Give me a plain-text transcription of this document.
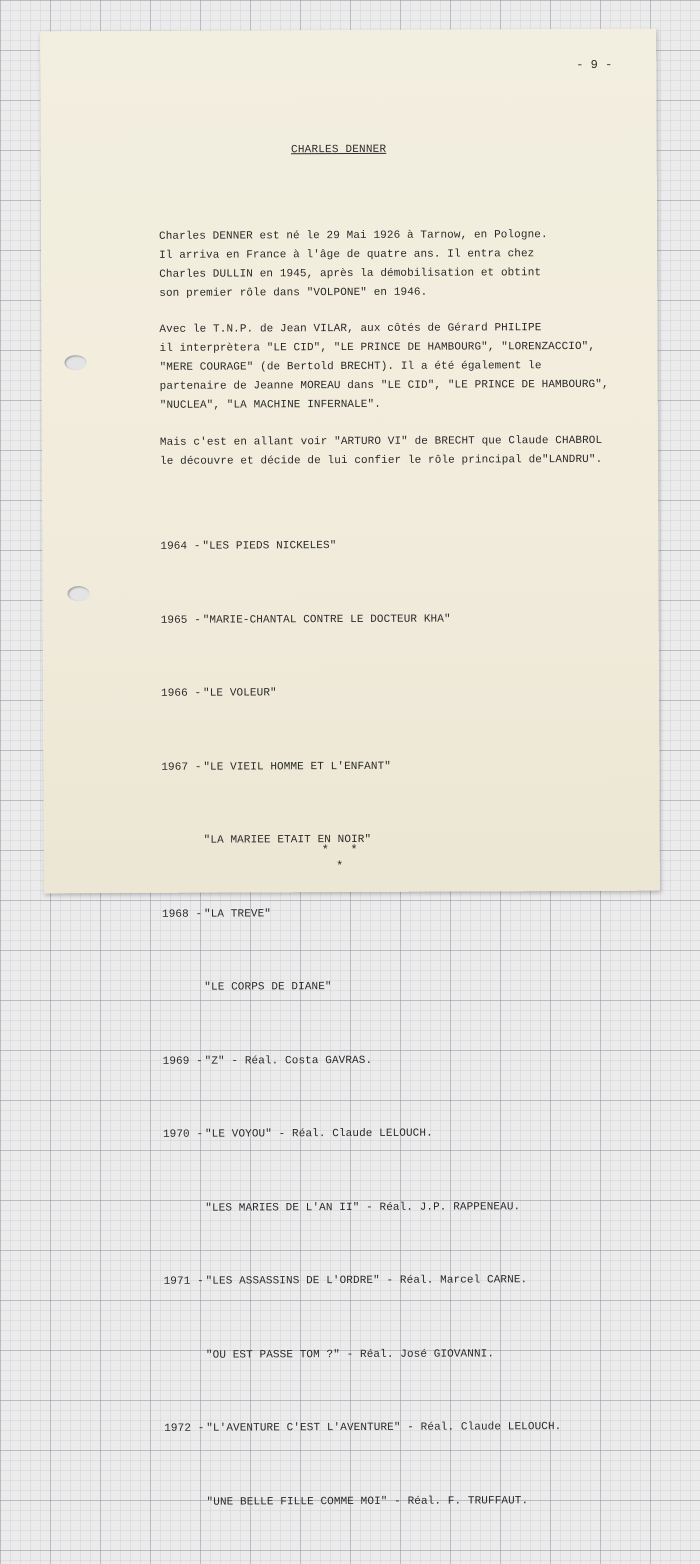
- 9 -
CHARLES DENNER
Charles DENNER est né le 29 Mai 1926 à Tarnow, en Pologne.
Il arriva en France à l'âge de quatre ans. Il entra chez
Charles DULLIN en 1945, après la démobilisation et obtint
son premier rôle dans "VOLPONE" en 1946.
Avec le T.N.P. de Jean VILAR, aux côtés de Gérard PHILIPE
il interprètera "LE CID", "LE PRINCE DE HAMBOURG", "LORENZACCIO",
"MERE COURAGE" (de Bertold BRECHT). Il a été également le
partenaire de Jeanne MOREAU dans "LE CID", "LE PRINCE DE HAMBOURG",
"NUCLEA", "LA MACHINE INFERNALE".
Mais c'est en allant voir "ARTURO VI" de BRECHT que Claude CHABROL
le découvre et décide de lui confier le rôle principal de"LANDRU".

1964 - "LES PIEDS NICKELES"

1965 - "MARIE-CHANTAL CONTRE LE DOCTEUR KHA"

1966 - "LE VOLEUR"

1967 - "LE VIEIL HOMME ET L'ENFANT"

"LA MARIEE ETAIT EN NOIR"

1968 - "LA TREVE"

"LE CORPS DE DIANE"

1969 - "Z" - Réal. Costa GAVRAS.

1970 - "LE VOYOU" - Réal. Claude LELOUCH.

"LES MARIES DE L'AN II" - Réal. J.P. RAPPENEAU.

1971 - "LES ASSASSINS DE L'ORDRE" - Réal. Marcel CARNE.

"OU EST PASSE TOM ?" - Réal. José GIOVANNI.

1972 - "L'AVENTURE C'EST L'AVENTURE" - Réal. Claude LELOUCH.

"UNE BELLE FILLE COMME MOI" - Réal. F. TRUFFAUT.

*   *
*
